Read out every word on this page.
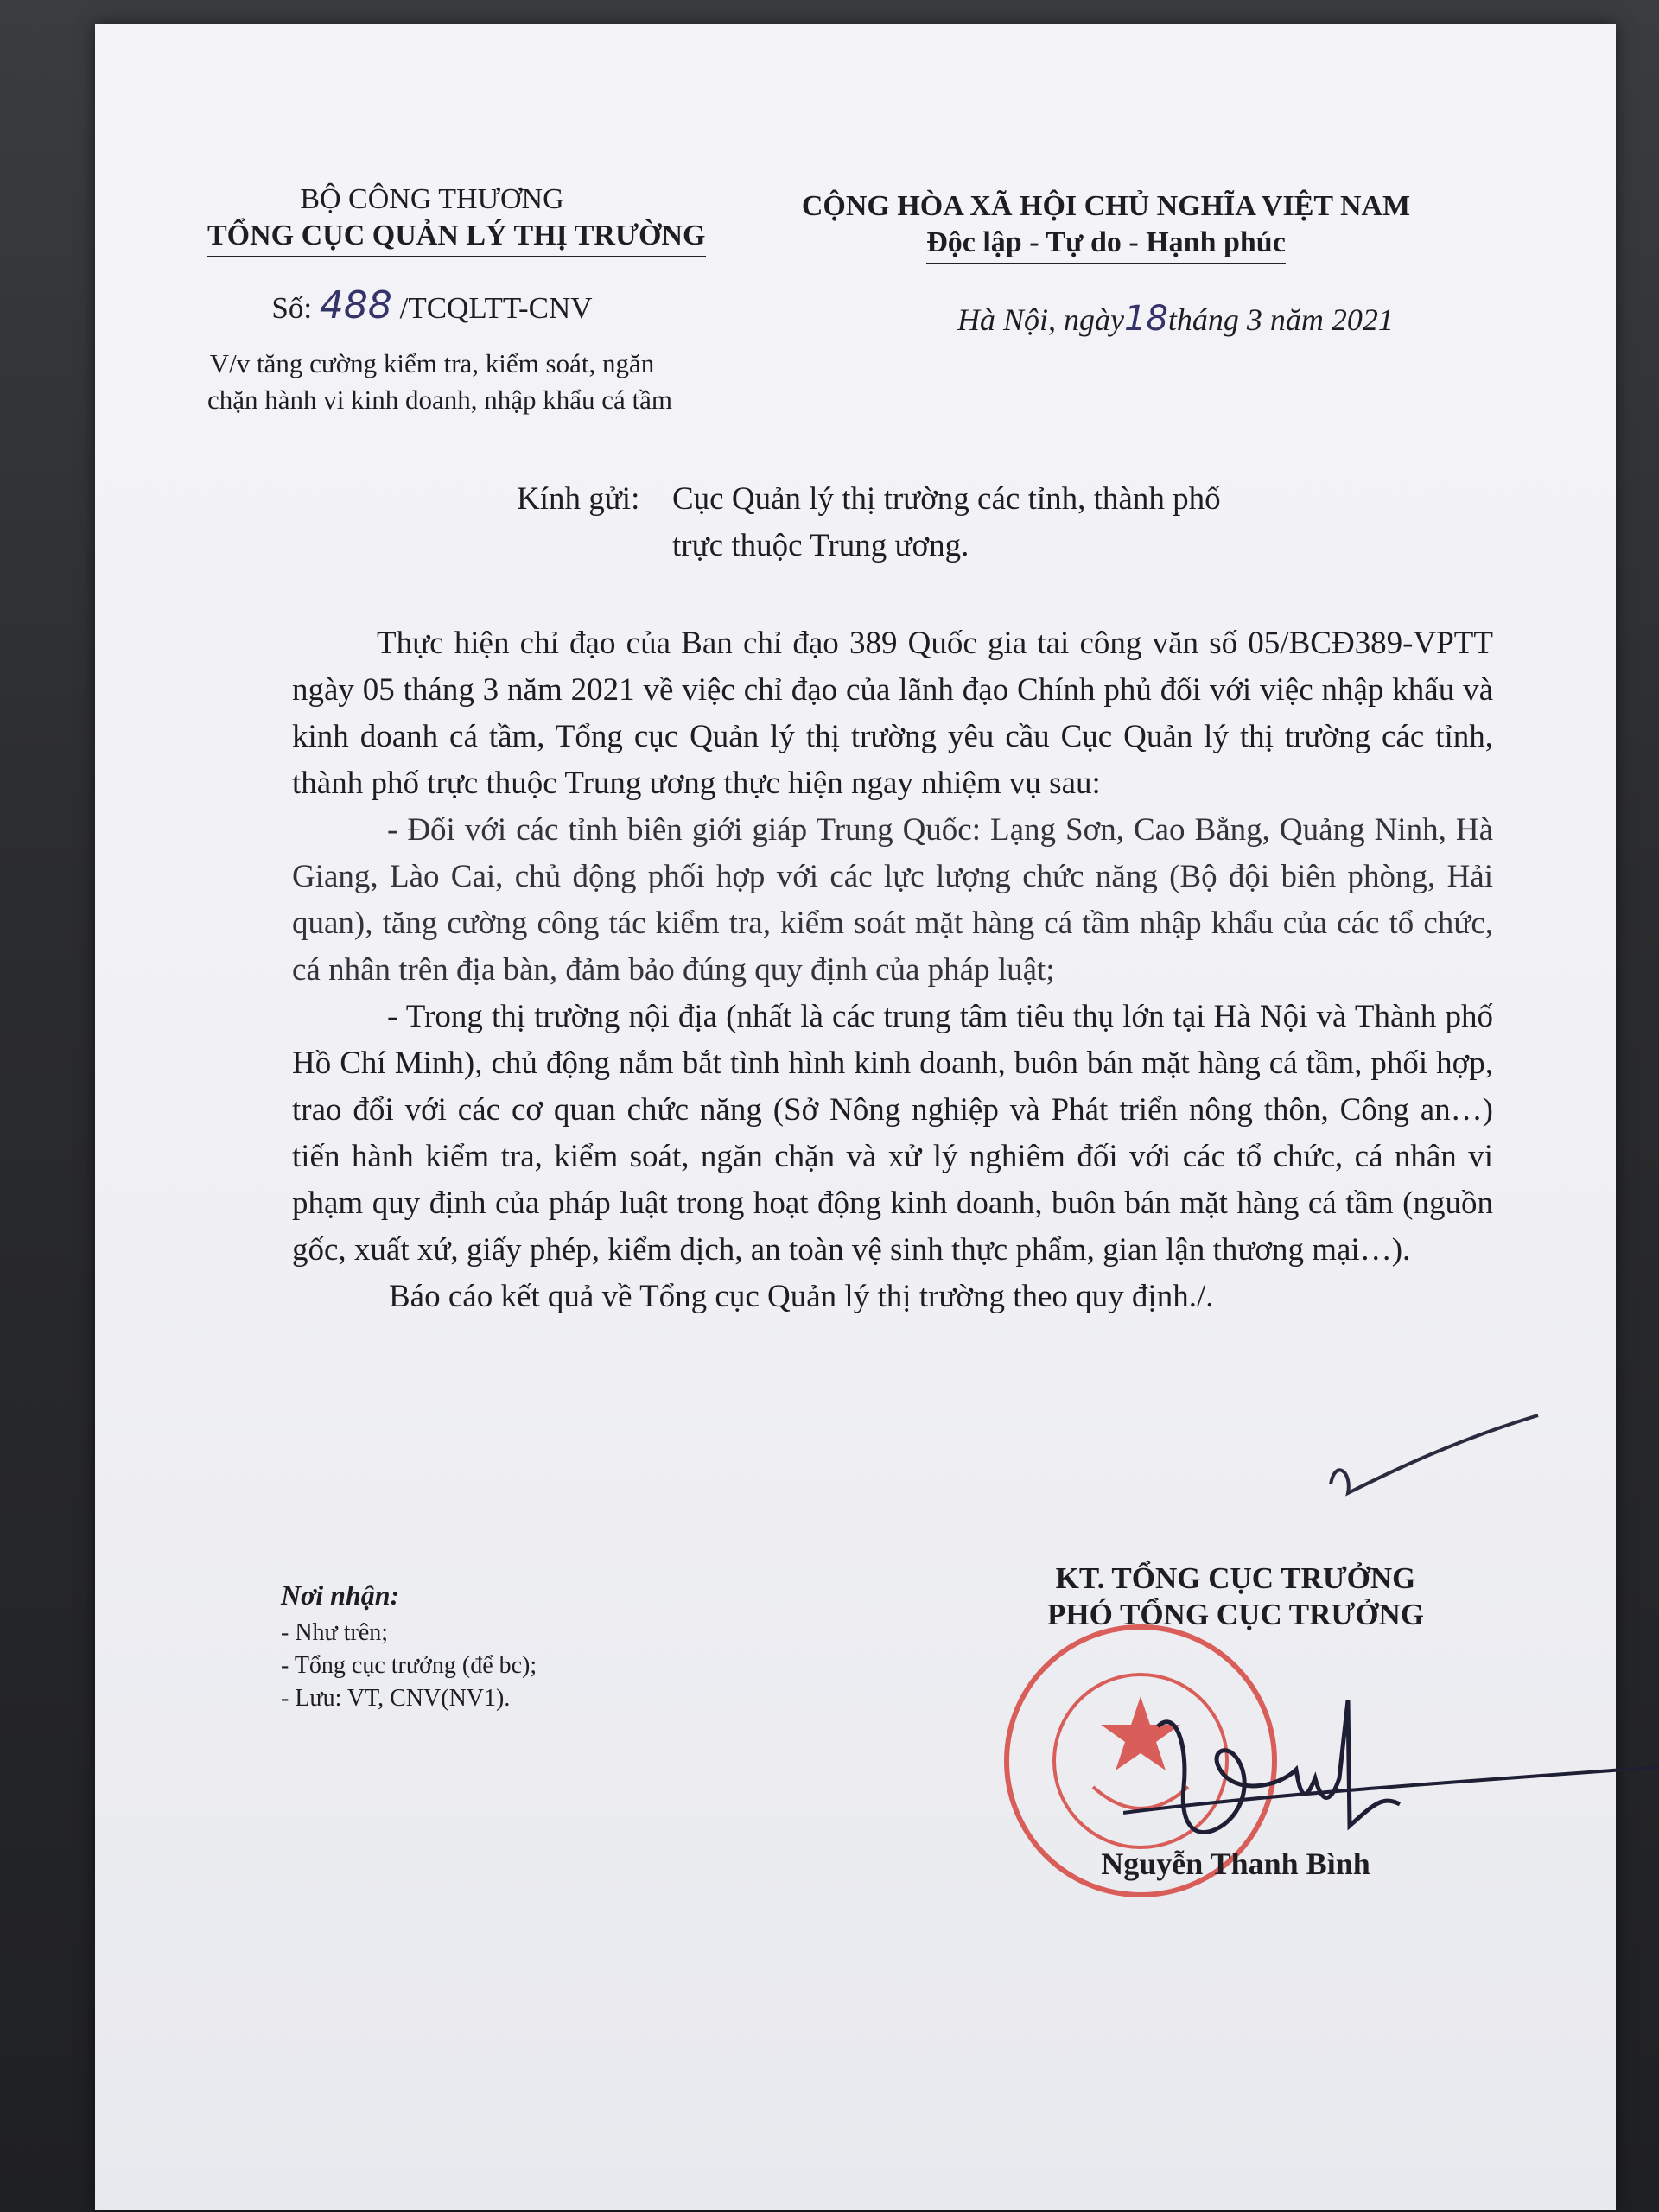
BỘ CÔNG THƯƠNG
TỔNG CỤC QUẢN LÝ THỊ TRƯỜNG
CỘNG HÒA XÃ HỘI CHỦ NGHĨA VIỆT NAM
Độc lập - Tự do - Hạnh phúc
Số: 488 /TCQLTT-CNV
V/v tăng cường kiểm tra, kiểm soát, ngăn
chặn hành vi kinh doanh, nhập khẩu cá tầm
Hà Nội, ngày18tháng 3 năm 2021
Kính gửi: Cục Quản lý thị trường các tỉnh, thành phố
trực thuộc Trung ương.

Thực hiện chỉ đạo của Ban chỉ đạo 389 Quốc gia tai công văn số 05/BCĐ389-VPTT ngày 05 tháng 3 năm 2021 về việc chỉ đạo của lãnh đạo Chính phủ đối với việc nhập khẩu và kinh doanh cá tầm, Tổng cục Quản lý thị trường yêu cầu Cục Quản lý thị trường các tỉnh, thành phố trực thuộc Trung ương thực hiện ngay nhiệm vụ sau:

- Đối với các tỉnh biên giới giáp Trung Quốc: Lạng Sơn, Cao Bằng, Quảng Ninh, Hà Giang, Lào Cai, chủ động phối hợp với các lực lượng chức năng (Bộ đội biên phòng, Hải quan), tăng cường công tác kiểm tra, kiểm soát mặt hàng cá tầm nhập khẩu của các tổ chức, cá nhân trên địa bàn, đảm bảo đúng quy định của pháp luật;

- Trong thị trường nội địa (nhất là các trung tâm tiêu thụ lớn tại Hà Nội và Thành phố Hồ Chí Minh), chủ động nắm bắt tình hình kinh doanh, buôn bán mặt hàng cá tầm, phối hợp, trao đổi với các cơ quan chức năng (Sở Nông nghiệp và Phát triển nông thôn, Công an…) tiến hành kiểm tra, kiểm soát, ngăn chặn và xử lý nghiêm đối với các tổ chức, cá nhân vi phạm quy định của pháp luật trong hoạt động kinh doanh, buôn bán mặt hàng cá tầm (nguồn gốc, xuất xứ, giấy phép, kiểm dịch, an toàn vệ sinh thực phẩm, gian lận thương mại…).

Báo cáo kết quả về Tổng cục Quản lý thị trường theo quy định./.

Nơi nhận:
- Như trên;
- Tổng cục trưởng (để bc);
- Lưu: VT, CNV(NV1).
KT. TỔNG CỤC TRƯỞNG
PHÓ TỔNG CỤC TRƯỞNG
Nguyễn Thanh Bình
